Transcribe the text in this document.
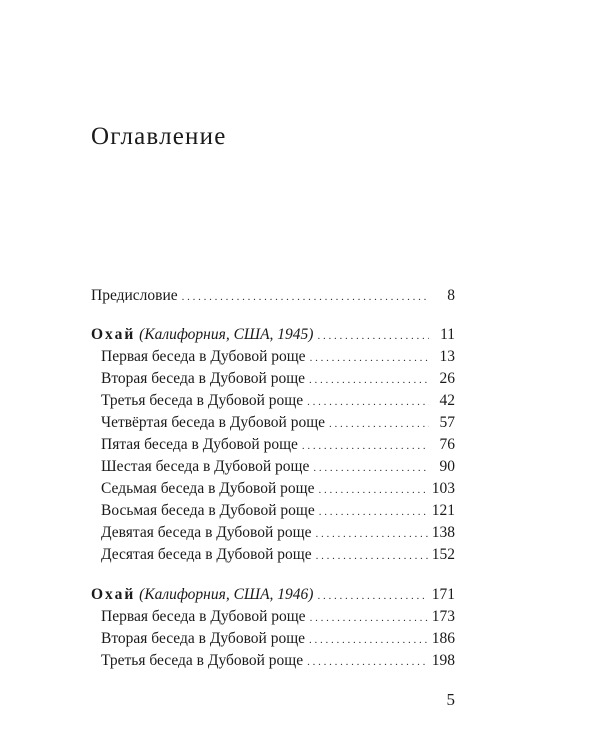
Оглавление
Предисловие . . .	8
Охай (Калифорния, США, 1945) . . .	11
Первая беседа в Дубовой роще . . .	13
Вторая беседа в Дубовой роще . . .	26
Третья беседа в Дубовой роще . . .	42
Четвёртая беседа в Дубовой роще . . .	57
Пятая беседа в Дубовой роще . . .	76
Шестая беседа в Дубовой роще . . .	90
Седьмая беседа в Дубовой роще . . .	103
Восьмая беседа в Дубовой роще . . .	121
Девятая беседа в Дубовой роще . . .	138
Десятая беседа в Дубовой роще . . .	152
Охай (Калифорния, США, 1946) . . .	171
Первая беседа в Дубовой роще . . .	173
Вторая беседа в Дубовой роще . . .	186
Третья беседа в Дубовой роще . . .	198
5
